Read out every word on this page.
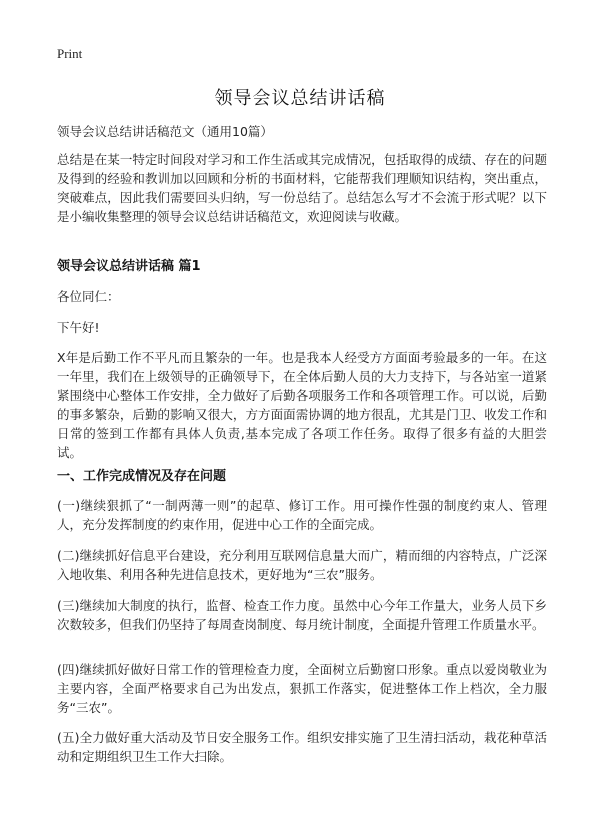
Print
领导会议总结讲话稿
领导会议总结讲话稿范文（通用10篇）
总结是在某一特定时间段对学习和工作生活或其完成情况，包括取得的成绩、存在的问题及得到的经验和教训加以回顾和分析的书面材料，它能帮我们理顺知识结构，突出重点，突破难点，因此我们需要回头归纳，写一份总结了。总结怎么写才不会流于形式呢？以下是小编收集整理的领导会议总结讲话稿范文，欢迎阅读与收藏。
领导会议总结讲话稿 篇1
各位同仁：
下午好!
X年是后勤工作不平凡而且繁杂的一年。也是我本人经受方方面面考验最多的一年。在这一年里，我们在上级领导的正确领导下，在全体后勤人员的大力支持下，与各站室一道紧紧围绕中心整体工作安排，全力做好了后勤各项服务工作和各项管理工作。可以说，后勤的事多繁杂，后勤的影响又很大，方方面面需协调的地方很乱，尤其是门卫、收发工作和日常的签到工作都有具体人负责,基本完成了各项工作任务。取得了很多有益的大胆尝试。
一、工作完成情况及存在问题
(一)继续狠抓了“一制两薄一则”的起草、修订工作。用可操作性强的制度约束人、管理人，充分发挥制度的约束作用，促进中心工作的全面完成。
(二)继续抓好信息平台建设，充分利用互联网信息量大而广，精而细的内容特点，广泛深入地收集、利用各种先进信息技术，更好地为“三农”服务。
(三)继续加大制度的执行，监督、检查工作力度。虽然中心今年工作量大，业务人员下乡次数较多，但我们仍坚持了每周查岗制度、每月统计制度，全面提升管理工作质量水平。
(四)继续抓好做好日常工作的管理检查力度，全面树立后勤窗口形象。重点以爱岗敬业为主要内容，全面严格要求自己为出发点，狠抓工作落实，促进整体工作上档次，全力服务“三农”。
(五)全力做好重大活动及节日安全服务工作。组织安排实施了卫生清扫活动，栽花种草活动和定期组织卫生工作大扫除。
